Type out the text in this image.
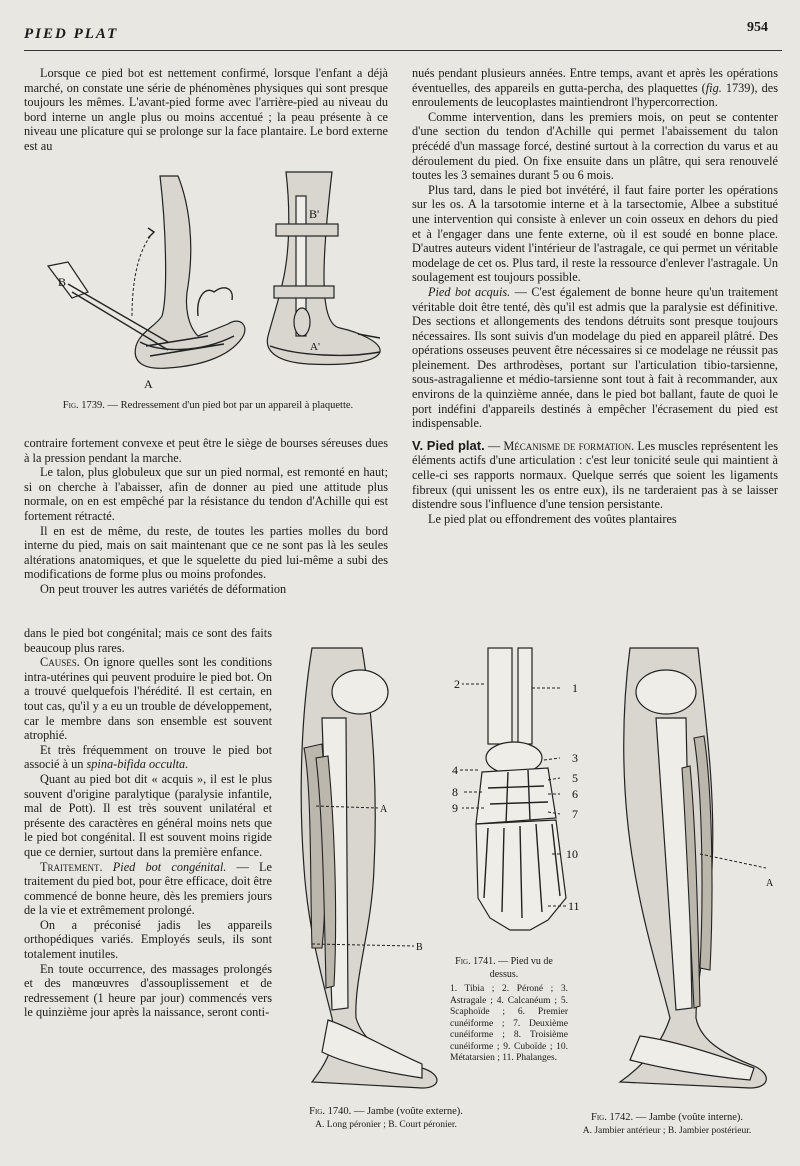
PIED PLAT	954

Lorsque ce pied bot est nettement confirmé, lorsque l'enfant a déjà marché, on constate une série de phénomènes physiques qui sont presque toujours les mêmes. L'avant-pied forme avec l'arrière-pied au niveau du bord interne un angle plus ou moins accentué ; la peau présente à ce niveau une plicature qui se prolonge sur la face plantaire. Le bord externe est au

B
A
B'
A'
Fig. 1739. — Redressement d'un pied bot par un appareil à plaquette.

contraire fortement convexe et peut être le siège de bourses séreuses dues à la pression pendant la marche.

Le talon, plus globuleux que sur un pied normal, est remonté en haut; si on cherche à l'abaisser, afin de donner au pied une attitude plus normale, on en est empêché par la résistance du tendon d'Achille qui est fortement rétracté.

Il en est de même, du reste, de toutes les parties molles du bord interne du pied, mais on sait maintenant que ce ne sont pas là les seules altérations anatomiques, et que le squelette du pied lui-même a subi des modifications de forme plus ou moins profondes.

On peut trouver les autres variétés de déformation

dans le pied bot congénital; mais ce sont des faits beaucoup plus rares.

Causes. On ignore quelles sont les conditions intra-utérines qui peuvent produire le pied bot. On a trouvé quelquefois l'hérédité. Il est certain, en tout cas, qu'il y a eu un trouble de développement, car le membre dans son ensemble est souvent atrophié.

Et très fréquemment on trouve le pied bot associé à un spina-bifida occulta.

Quant au pied bot dit « acquis », il est le plus souvent d'origine paralytique (paralysie infantile, mal de Pott). Il est très souvent unilatéral et présente des caractères en général moins nets que le pied bot congénital. Il est souvent moins rigide que ce dernier, surtout dans la première enfance.

Traitement. Pied bot congénital. — Le traitement du pied bot, pour être efficace, doit être commencé de bonne heure, dès les premiers jours de la vie et extrêmement prolongé.

On a préconisé jadis les appareils orthopédiques variés. Employés seuls, ils sont totalement inutiles.

En toute occurrence, des massages prolongés et des manœuvres d'assouplissement et de redressement (1 heure par jour) commencés vers le quinzième jour après la naissance, seront conti-

nués pendant plusieurs années. Entre temps, avant et après les opérations éventuelles, des appareils en gutta-percha, des plaquettes (fig. 1739), des enroulements de leucoplastes maintiendront l'hypercorrection.

Comme intervention, dans les premiers mois, on peut se contenter d'une section du tendon d'Achille qui permet l'abaissement du talon précédé d'un massage forcé, destiné surtout à la correction du varus et au déroulement du pied. On fixe ensuite dans un plâtre, qui sera renouvelé toutes les 3 semaines durant 5 ou 6 mois.

Plus tard, dans le pied bot invétéré, il faut faire porter les opérations sur les os. A la tarsotomie interne et à la tarsectomie, Albee a substitué une intervention qui consiste à enlever un coin osseux en dehors du pied et à l'engager dans une fente externe, où il est soudé en bonne place. D'autres auteurs vident l'intérieur de l'astragale, ce qui permet un véritable modelage de cet os. Plus tard, il reste la ressource d'enlever l'astragale. Un soulagement est toujours possible.

Pied bot acquis. — C'est également de bonne heure qu'un traitement véritable doit être tenté, dès qu'il est admis que la paralysie est définitive. Des sections et allongements des tendons détruits sont presque toujours nécessaires. Ils sont suivis d'un modelage du pied en appareil plâtré. Des opérations osseuses peuvent être nécessaires si ce modelage ne réussit pas pleinement. Des arthrodèses, portant sur l'articulation tibio-tarsienne, sous-astragalienne et médio-tarsienne sont tout à fait à recommander, aux environs de la quinzième année, dans le pied bot ballant, faute de quoi le port indéfini d'appareils destinés à empêcher l'écrasement du pied est indispensable.

V. Pied plat. — Mécanisme de formation. Les muscles représentent les éléments actifs d'une articulation : c'est leur tonicité seule qui maintient à celle-ci ses rapports normaux. Quelque serrés que soient les ligaments fibreux (qui unissent les os entre eux), ils ne tarderaient pas à se laisser distendre sous l'influence d'une tension persistante.

Le pied plat ou effondrement des voûtes plantaires

A
B
Fig. 1740. — Jambe (voûte externe).
A. Long péronier ; B. Court péronier.
1
2
3
4
5
6
7
8
9
10
11
Fig. 1741. — Pied vu de dessus.
1. Tibia ; 2. Péroné ; 3. Astragale ; 4. Calcanéum ; 5. Scaphoïde ; 6. Premier cunéiforme ; 7. Deuxième cunéiforme ; 8. Troisième cunéiforme ; 9. Cuboïde ; 10. Métatarsien ; 11. Phalanges.
A
Fig. 1742. — Jambe (voûte interne).
A. Jambier antérieur ; B. Jambier postérieur.
